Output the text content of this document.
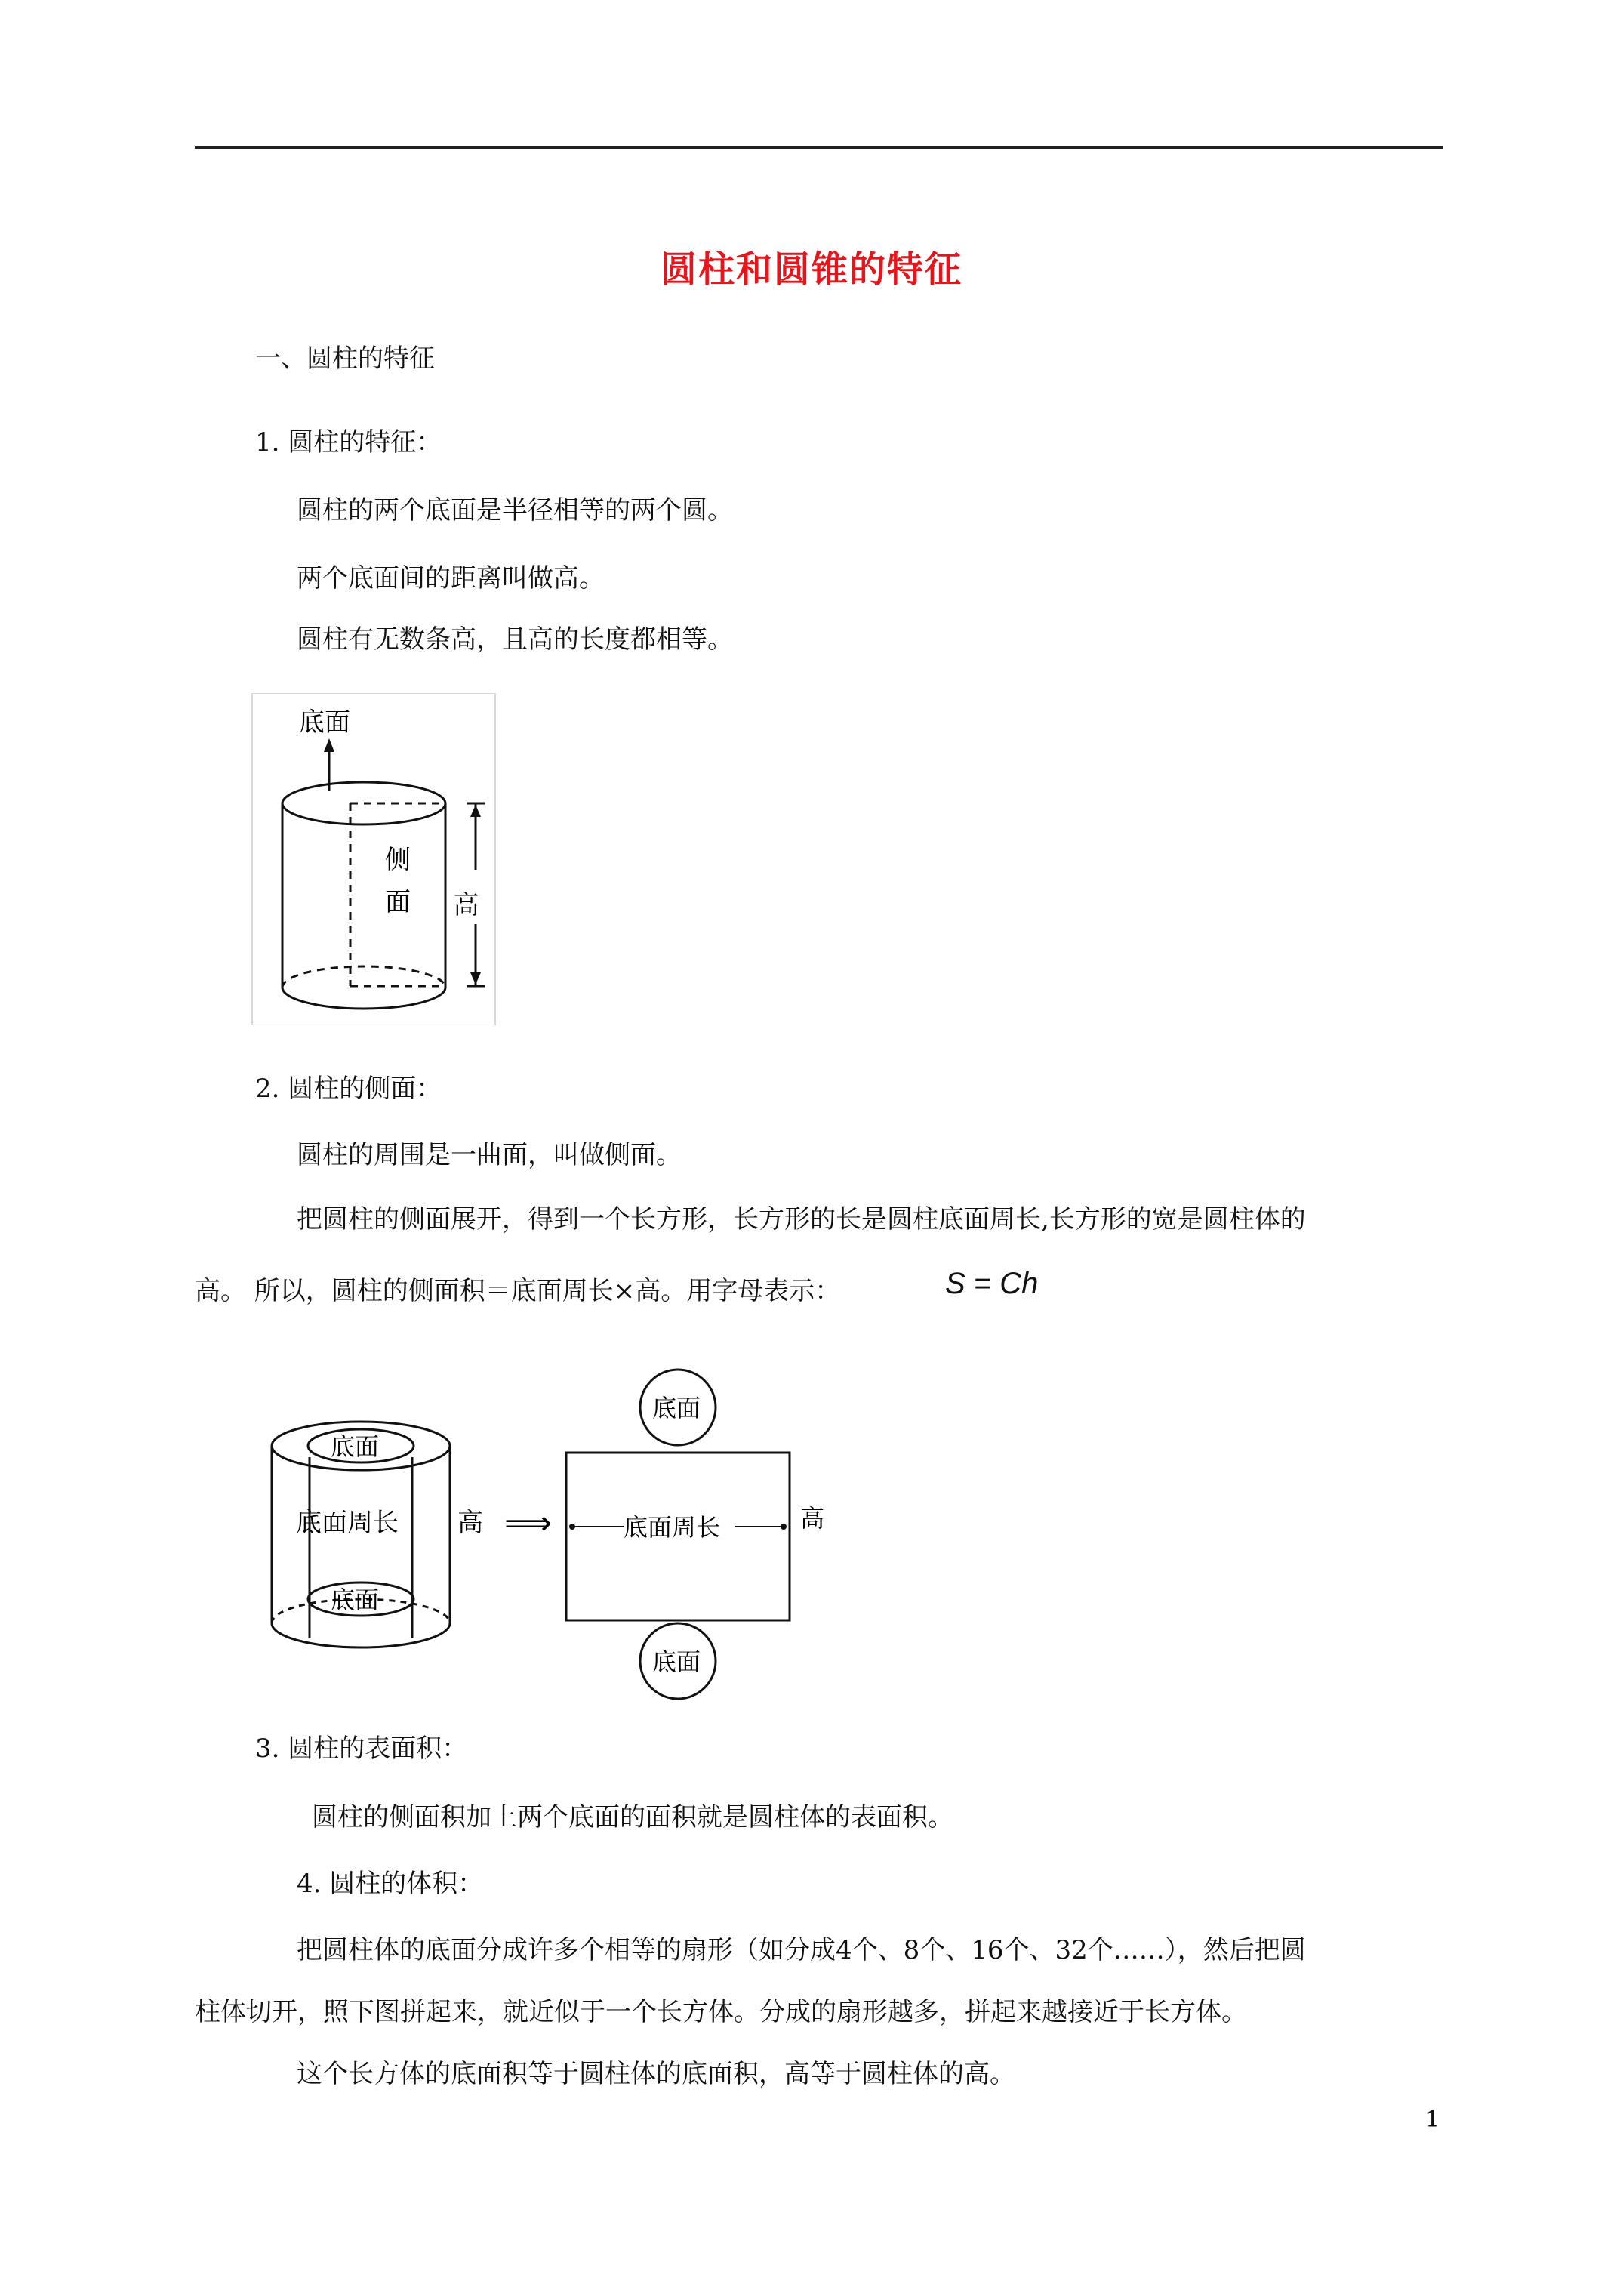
圆柱和圆锥的特征
一、圆柱的特征
1. 圆柱的特征：
圆柱的两个底面是半径相等的两个圆。
两个底面间的距离叫做高。
圆柱有无数条高，且高的长度都相等。
底面
侧
面 高
2. 圆柱的侧面：
圆柱的周围是一曲面，叫做侧面。
把圆柱的侧面展开，得到一个长方形，长方形的长是圆柱底面周长,长方形的宽是圆柱体的
高。 所以，圆柱的侧面积＝底面周长×高。用字母表示：	S = Ch
底面
底面
底面周长 高 ⟹
底面
底面周长	高
底面
3. 圆柱的表面积：
圆柱的侧面积加上两个底面的面积就是圆柱体的表面积。
4. 圆柱的体积：
把圆柱体的底面分成许多个相等的扇形（如分成4个、8个、16个、32个……），然后把圆
柱体切开，照下图拼起来，就近似于一个长方体。分成的扇形越多，拼起来越接近于长方体。
这个长方体的底面积等于圆柱体的底面积，高等于圆柱体的高。
1
